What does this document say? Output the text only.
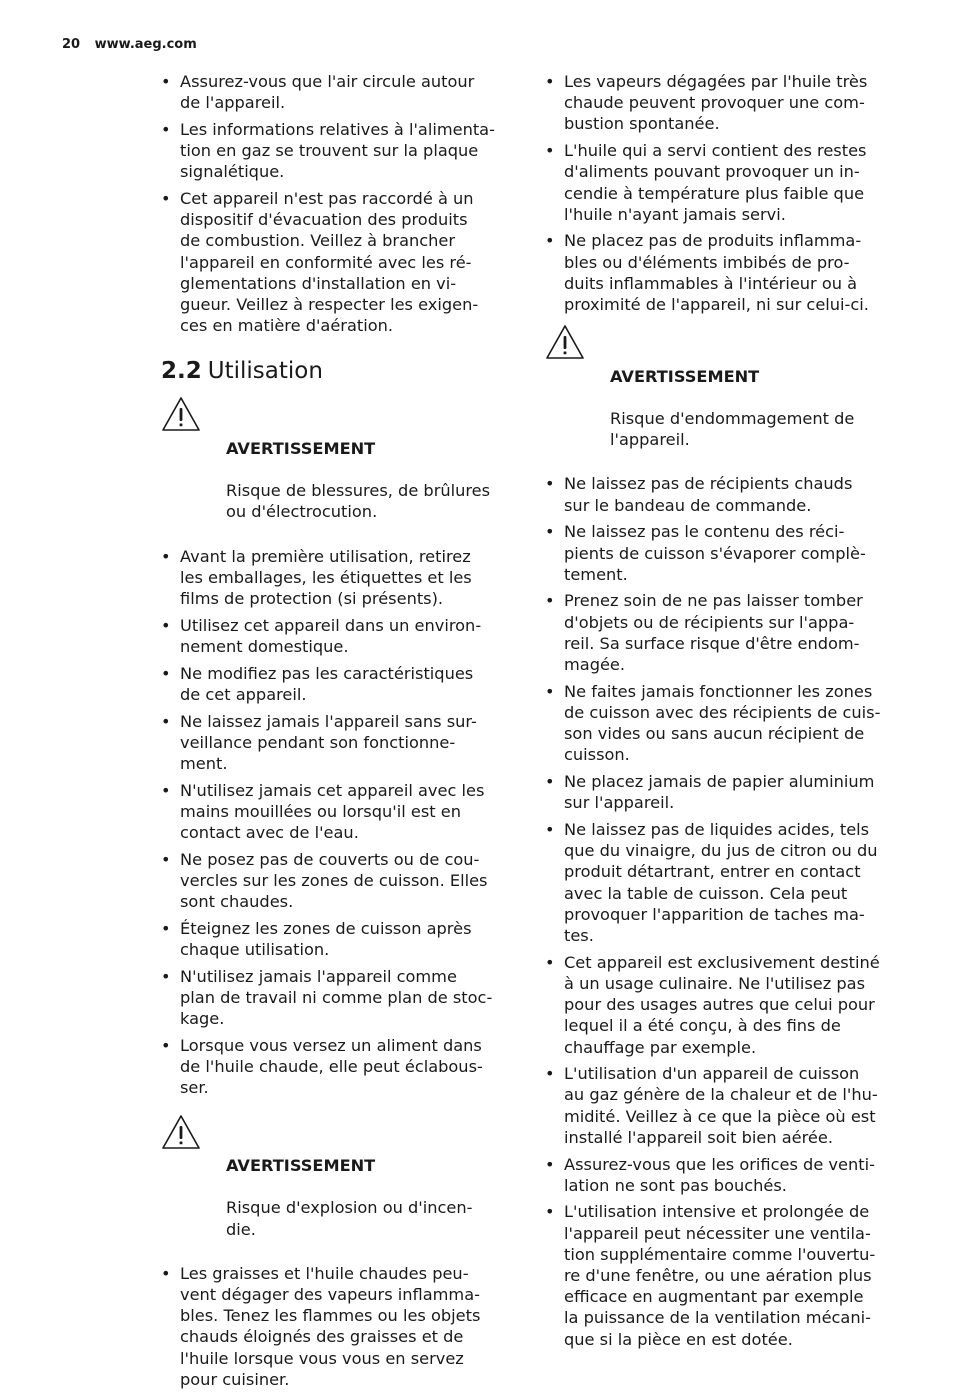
20 www.aeg.com
• Assurez-vous que l'air circule autour
de l'appareil.
• Les informations relatives à l'alimenta-
tion en gaz se trouvent sur la plaque
signalétique.
• Cet appareil n'est pas raccordé à un
dispositif d'évacuation des produits
de combustion. Veillez à brancher
l'appareil en conformité avec les ré-
glementations d'installation en vi-
gueur. Veillez à respecter les exigen-
ces en matière d'aération.
2.2 Utilisation

AVERTISSEMENT

Risque de blessures, de brûlures
ou d'électrocution.

• Avant la première utilisation, retirez
les emballages, les étiquettes et les
films de protection (si présents).
• Utilisez cet appareil dans un environ-
nement domestique.
• Ne modifiez pas les caractéristiques
de cet appareil.
• Ne laissez jamais l'appareil sans sur-
veillance pendant son fonctionne-
ment.
• N'utilisez jamais cet appareil avec les
mains mouillées ou lorsqu'il est en
contact avec de l'eau.
• Ne posez pas de couverts ou de cou-
vercles sur les zones de cuisson. Elles
sont chaudes.
• Éteignez les zones de cuisson après
chaque utilisation.
• N'utilisez jamais l'appareil comme
plan de travail ni comme plan de stoc-
kage.
• Lorsque vous versez un aliment dans
de l'huile chaude, elle peut éclabous-
ser.

AVERTISSEMENT

Risque d'explosion ou d'incen-
die.

• Les graisses et l'huile chaudes peu-
vent dégager des vapeurs inflamma-
bles. Tenez les flammes ou les objets
chauds éloignés des graisses et de
l'huile lorsque vous vous en servez
pour cuisiner.
• Les vapeurs dégagées par l'huile très
chaude peuvent provoquer une com-
bustion spontanée.
• L'huile qui a servi contient des restes
d'aliments pouvant provoquer un in-
cendie à température plus faible que
l'huile n'ayant jamais servi.
• Ne placez pas de produits inflamma-
bles ou d'éléments imbibés de pro-
duits inflammables à l'intérieur ou à
proximité de l'appareil, ni sur celui-ci.

AVERTISSEMENT

Risque d'endommagement de
l'appareil.

• Ne laissez pas de récipients chauds
sur le bandeau de commande.
• Ne laissez pas le contenu des réci-
pients de cuisson s'évaporer complè-
tement.
• Prenez soin de ne pas laisser tomber
d'objets ou de récipients sur l'appa-
reil. Sa surface risque d'être endom-
magée.
• Ne faites jamais fonctionner les zones
de cuisson avec des récipients de cuis-
son vides ou sans aucun récipient de
cuisson.
• Ne placez jamais de papier aluminium
sur l'appareil.
• Ne laissez pas de liquides acides, tels
que du vinaigre, du jus de citron ou du
produit détartrant, entrer en contact
avec la table de cuisson. Cela peut
provoquer l'apparition de taches ma-
tes.
• Cet appareil est exclusivement destiné
à un usage culinaire. Ne l'utilisez pas
pour des usages autres que celui pour
lequel il a été conçu, à des fins de
chauffage par exemple.
• L'utilisation d'un appareil de cuisson
au gaz génère de la chaleur et de l'hu-
midité. Veillez à ce que la pièce où est
installé l'appareil soit bien aérée.
• Assurez-vous que les orifices de venti-
lation ne sont pas bouchés.
• L'utilisation intensive et prolongée de
l'appareil peut nécessiter une ventila-
tion supplémentaire comme l'ouvertu-
re d'une fenêtre, ou une aération plus
efficace en augmentant par exemple
la puissance de la ventilation mécani-
que si la pièce en est dotée.
